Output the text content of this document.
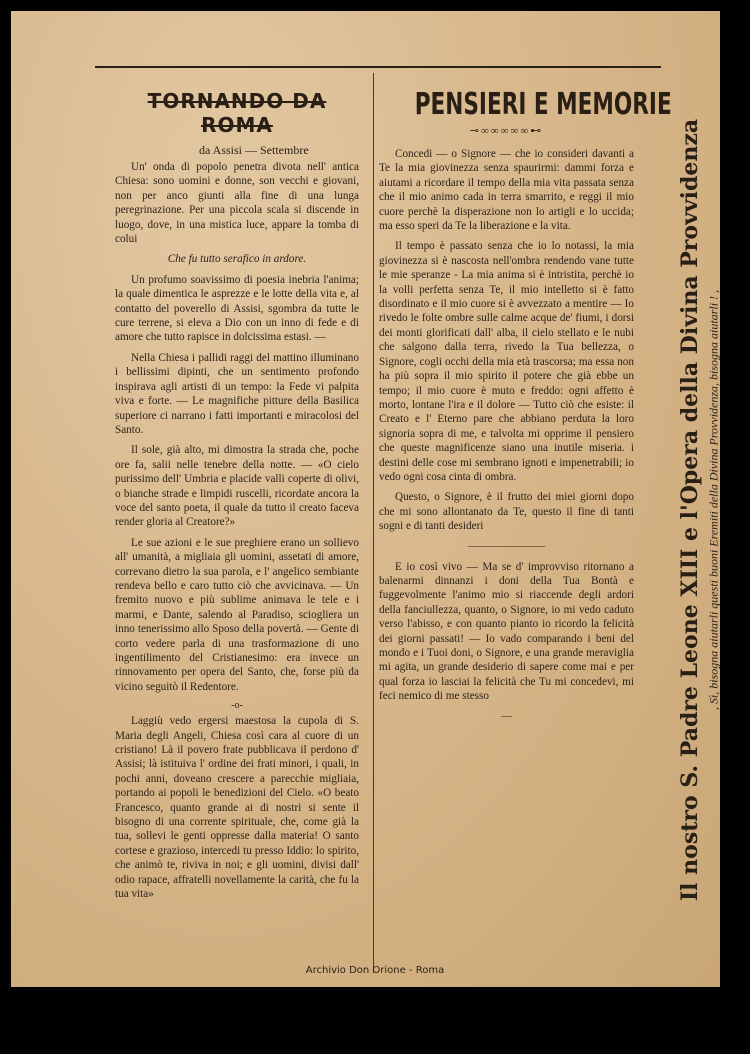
TORNANDO DA ROMA
da Assisi — Settembre

Un' onda di popolo penetra divota nell' antica Chiesa: sono uomini e donne, son vecchi e giovani, non per anco giunti alla fine di una lunga peregrinazione. Per una piccola scala si discende in luogo, dove, in una mistica luce, appare la tomba di colui

Che fu tutto serafico in ardore.

Un profumo soavissimo di poesia inebria l'anima; la quale dimentica le asprezze e le lotte della vita e, al contatto del poverello di Assisi, sgombra da tutte le cure terrene, si eleva a Dio con un inno di fede e di amore che tutto rapisce in dolcissima estasi. —

Nella Chiesa i pallidi raggi del mattino illuminano i bellissimi dipinti, che un sentimento profondo inspirava agli artisti di un tempo: la Fede vi palpita viva e forte. — Le magnifiche pitture della Basilica superiore ci narrano i fatti importanti e miracolosi del Santo.

Il sole, già alto, mi dimostra la strada che, poche ore fa, salii nelle tenebre della notte. — «O cielo purissimo dell' Umbria e placide valli coperte di olivi, o bianche strade e limpidi ruscelli, ricordate ancora la voce del santo poeta, il quale da tutto il creato faceva render gloria al Creatore?»

Le sue azioni e le sue preghiere erano un sollievo all' umanità, a migliaia gli uomini, assetati di amore, correvano dietro la sua parola, e l' angelico sembiante rendeva bello e caro tutto ciò che avvicinava. — Un fremito nuovo e più sublime animava le tele e i marmi, e Dante, salendo al Paradiso, sciogliera un inno tenerissimo allo Sposo della povertà. — Gente di corto vedere parla di una trasformazione di uno ingentilimento del Cristianesimo: era invece un rinnovamento per opera del Santo, che, forse più da vicino seguitò il Redentore.

-o-

Laggiù vedo ergersi maestosa la cupola di S. Maria degli Angeli, Chiesa così cara al cuore di un cristiano! Là il povero frate pubblicava il perdono d' Assisi; là istituiva l' ordine dei frati minori, i quali, in pochi anni, doveano crescere a parecchie migliaia, portando ai popoli le benedizioni del Cielo. «O beato Francesco, quanto grande ai di nostri si sente il bisogno di una corrente spirituale, che, come già la tua, sollevi le genti oppresse dalla materia! O santo cortese e grazioso, intercedi tu presso Iddio: lo spirito, che animò te, riviva in noi; e gli uomini, divisi dall' odio rapace, affratelli novellamente la carità, che fu la tua vita»

PENSIERI E MEMORIE
⊸∞∞∞∞∞⊷

Concedi — o Signore — che io consideri davanti a Te la mia giovinezza senza spaurirmi: dammi forza e aiutami a ricordare il tempo della mia vita passata senza che il mio animo cada in terra smarrito, e reggi il mio cuore perchè la disperazione non lo artigli e lo uccida; ma esso speri da Te la liberazione e la vita.

Il tempo è passato senza che io lo notassi, la mia giovinezza si è nascosta nell'ombra rendendo vane tutte le mie speranze - La mia anima si è intristita, perchè io la volli perfetta senza Te, il mio intelletto si è fatto disordinato e il mio cuore si è avvezzato a mentire — Io rivedo le folte ombre sulle calme acque de' fiumi, i dorsi dei monti glorificati dall' alba, il cielo stellato e le nubi che salgono dalla terra, rivedo la Tua bellezza, o Signore, cogli occhi della mia età trascorsa; ma essa non ha più sopra il mio spirito il potere che già ebbe un tempo; il mio cuore è muto e freddo: ogni affetto è morto, lontane l'ira e il dolore — Tutto ciò che esiste: il Creato e l' Eterno pare che abbiano perduta la loro signoria sopra di me, e talvolta mi opprime il pensiero che queste magnificenze siano una inutile miseria. i destini delle cose mi sembrano ignoti e impenetrabili; io vedo ogni cosa cinta di ombra.

Questo, o Signore, è il frutto dei miei giorni dopo che mi sono allontanato da Te, questo il fine di tanti sogni e di tanti desideri

———————

E io così vivo — Ma se d' improvviso ritornano a balenarmi dinnanzi i doni della Tua Bontà e fuggevolmente l'animo mio si riaccende degli ardori della fanciullezza, quanto, o Signore, io mi vedo caduto verso l'abisso, e con quanto pianto io ricordo la felicità dei giorni passati! — Io vado comparando i beni del mondo e i Tuoi doni, o Signore, e una grande meraviglia mi agita, un grande desiderio di sapere come mai e per qual forza io lasciai la felicità che Tu mi concedevi, mi feci nemico di me stesso

—	Il nostro S. Padre Leone XIII e l'Opera della Divina Provvidenza , Sì, bisogna aiutarli questi buoni Eremiti della Divina Provvidenza, bisogna aiutarli ! ,
Archivio Don Orione - Roma
